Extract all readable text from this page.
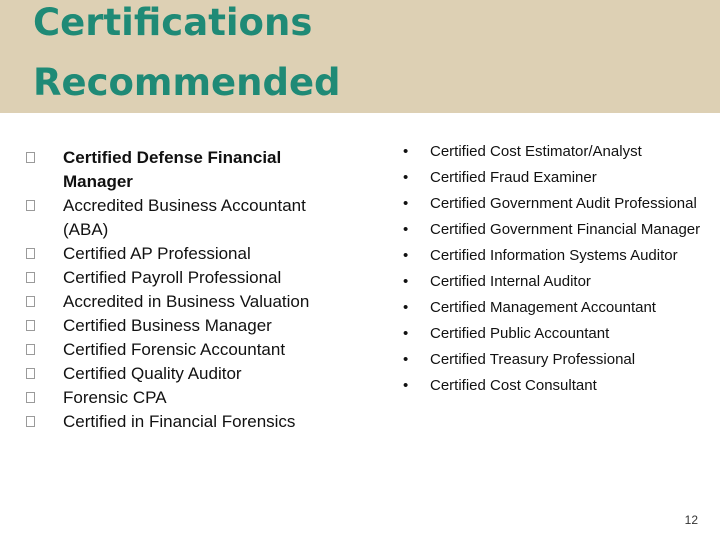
Certifications
Recommended
Certified Defense Financial Manager
Accredited Business Accountant (ABA)
Certified AP Professional
Certified Payroll Professional
Accredited in Business Valuation
Certified Business Manager
Certified Forensic Accountant
Certified Quality Auditor
Forensic CPA
Certified in Financial Forensics
• Certified Cost Estimator/Analyst
• Certified Fraud Examiner
• Certified Government Audit Professional
• Certified Government Financial Manager
• Certified Information Systems Auditor
• Certified Internal Auditor
• Certified Management Accountant
• Certified Public Accountant
• Certified Treasury Professional
• Certified Cost Consultant
12
